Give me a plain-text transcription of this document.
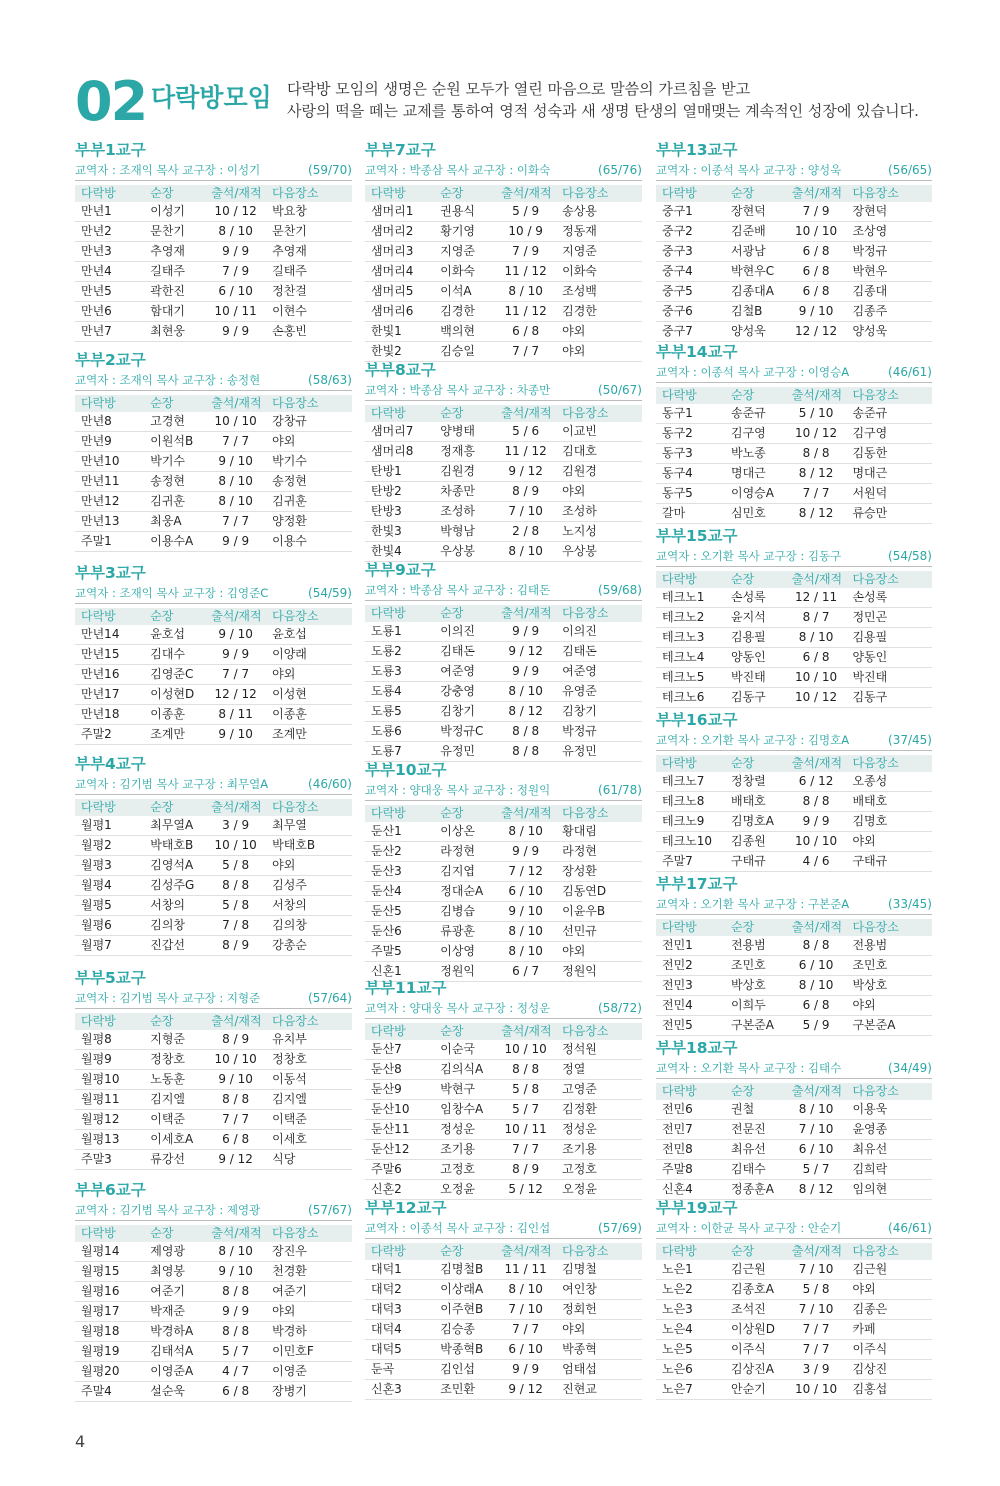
02 다락방모임 다락방 모임의 생명은 순원 모두가 열린 마음으로 말씀의 가르침을 받고
사랑의 떡을 떼는 교제를 통하여 영적 성숙과 새 생명 탄생의 열매맺는 계속적인 성장에 있습니다.
부부1교구
교역자 : 조재익 목사 교구장 : 이성기	(59/70)
다락방	순장	출석/재적	다음장소
만년1	이성기	10 / 12	박요창
만년2	문찬기	8 / 10	문찬기
만년3	추영재	9 / 9	추영재
만년4	길태주	7 / 9	길태주
만년5	곽한진	6 / 10	정찬걸
만년6	함대기	10 / 11	이현수
만년7	최현웅	9 / 9	손홍빈
부부2교구
교역자 : 조재익 목사 교구장 : 송정현	(58/63)
다락방	순장	출석/재적	다음장소
만년8	고경현	10 / 10	강창규
만년9	이원석B	7 / 7	야외
만년10	박기수	9 / 10	박기수
만년11	송정현	8 / 10	송정현
만년12	김귀훈	8 / 10	김귀훈
만년13	최웅A	7 / 7	양정환
주말1	이용수A	9 / 9	이용수
부부3교구
교역자 : 조재익 목사 교구장 : 김영준C	(54/59)
다락방	순장	출석/재적	다음장소
만년14	윤호섭	9 / 10	윤호섭
만년15	김대수	9 / 9	이양래
만년16	김영준C	7 / 7	야외
만년17	이성현D	12 / 12	이성현
만년18	이종훈	8 / 11	이종훈
주말2	조계만	9 / 10	조계만
부부4교구
교역자 : 김기범 목사 교구장 : 최무열A	(46/60)
다락방	순장	출석/재적	다음장소
월평1	최무열A	3 / 9	최무열
월평2	박태호B	10 / 10	박태호B
월평3	김영석A	5 / 8	야외
월평4	김성주G	8 / 8	김성주
월평5	서창의	5 / 8	서창의
월평6	김의창	7 / 8	김의창
월평7	진갑선	8 / 9	강총순
부부5교구
교역자 : 김기범 목사 교구장 : 지형준	(57/64)
다락방	순장	출석/재적	다음장소
월평8	지형준	8 / 9	유치부
월평9	정창호	10 / 10	정창호
월평10	노동훈	9 / 10	이동석
월평11	김지엘	8 / 8	김지엘
월평12	이택준	7 / 7	이택준
월평13	이세호A	6 / 8	이세호
주말3	류강선	9 / 12	식당
부부6교구
교역자 : 김기범 목사 교구장 : 제영광	(57/67)
다락방	순장	출석/재적	다음장소
월평14	제영광	8 / 10	장진우
월평15	최영봉	9 / 10	천경환
월평16	여준기	8 / 8	여준기
월평17	박재준	9 / 9	야외
월평18	박경하A	8 / 8	박경하
월평19	김태석A	5 / 7	이민호F
월평20	이영준A	4 / 7	이영준
주말4	설순욱	6 / 8	장병기
부부7교구
교역자 : 박종삼 목사 교구장 : 이화숙	(65/76)
다락방	순장	출석/재적	다음장소
샘머리1	권용식	5 / 9	송상용
샘머리2	황기영	10 / 9	정동재
샘머리3	지영준	7 / 9	지영준
샘머리4	이화숙	11 / 12	이화숙
샘머리5	이석A	8 / 10	조성백
샘머리6	김경한	11 / 12	김경한
한빛1	백의현	6 / 8	야외
한빛2	김승일	7 / 7	야외
부부8교구
교역자 : 박종삼 목사 교구장 : 차종만	(50/67)
다락방	순장	출석/재적	다음장소
샘머리7	양병태	5 / 6	이교빈
샘머리8	정재흥	11 / 12	김대호
탄방1	김원경	9 / 12	김원경
탄방2	차종만	8 / 9	야외
탄방3	조성하	7 / 10	조성하
한빛3	박형남	2 / 8	노지성
한빛4	우상봉	8 / 10	우상봉
부부9교구
교역자 : 박종삼 목사 교구장 : 김태돈	(59/68)
다락방	순장	출석/재적	다음장소
도룡1	이의진	9 / 9	이의진
도룡2	김태돈	9 / 12	김태돈
도룡3	여준영	9 / 9	여준영
도룡4	강충영	8 / 10	유영준
도룡5	김창기	8 / 12	김창기
도룡6	박정규C	8 / 8	박정규
도룡7	유정민	8 / 8	유정민
부부10교구
교역자 : 양대웅 목사 교구장 : 정원익	(61/78)
다락방	순장	출석/재적	다음장소
둔산1	이상온	8 / 10	황대림
둔산2	라정현	9 / 9	라정현
둔산3	김지엽	7 / 12	장성환
둔산4	정대순A	6 / 10	김동연D
둔산5	김병습	9 / 10	이윤우B
둔산6	류광훈	8 / 10	선민규
주말5	이상영	8 / 10	야외
신혼1	정원익	6 / 7	정원익
부부11교구
교역자 : 양대웅 목사 교구장 : 정성운	(58/72)
다락방	순장	출석/재적	다음장소
둔산7	이순국	10 / 10	정석원
둔산8	김의식A	8 / 8	정열
둔산9	박현구	5 / 8	고영준
둔산10	임창수A	5 / 7	김정환
둔산11	정성운	10 / 11	정성운
둔산12	조기용	7 / 7	조기용
주말6	고정호	8 / 9	고정호
신혼2	오정윤	5 / 12	오정윤
부부12교구
교역자 : 이종석 목사 교구장 : 김인섭	(57/69)
다락방	순장	출석/재적	다음장소
대덕1	김명철B	11 / 11	김명철
대덕2	이상래A	8 / 10	여인창
대덕3	이주현B	7 / 10	정회헌
대덕4	김승종	7 / 7	야외
대덕5	박종혁B	6 / 10	박종혁
둔곡	김인섭	9 / 9	엄태섭
신혼3	조민환	9 / 12	진현교
부부13교구
교역자 : 이종석 목사 교구장 : 양성욱	(56/65)
다락방	순장	출석/재적	다음장소
중구1	장현덕	7 / 9	장현덕
중구2	김준배	10 / 10	조상영
중구3	서광남	6 / 8	박정규
중구4	박현우C	6 / 8	박현우
중구5	김종대A	6 / 8	김종대
중구6	김철B	9 / 10	김종주
중구7	양성욱	12 / 12	양성욱
부부14교구
교역자 : 이종석 목사 교구장 : 이영승A	(46/61)
다락방	순장	출석/재적	다음장소
동구1	송준규	5 / 10	송준규
동구2	김구영	10 / 12	김구영
동구3	박노종	8 / 8	김동한
동구4	명대근	8 / 12	명대근
동구5	이영승A	7 / 7	서원덕
갈마	심민호	8 / 12	류승만
부부15교구
교역자 : 오기환 목사 교구장 : 김동구	(54/58)
다락방	순장	출석/재적	다음장소
테크노1	손성록	12 / 11	손성록
테크노2	윤지석	8 / 7	정민곤
테크노3	김용필	8 / 10	김용필
테크노4	양동인	6 / 8	양동인
테크노5	박진태	10 / 10	박진태
테크노6	김동구	10 / 12	김동구
부부16교구
교역자 : 오기환 목사 교구장 : 김명호A	(37/45)
다락방	순장	출석/재적	다음장소
테크노7	정창렬	6 / 12	오종성
테크노8	배태호	8 / 8	배태호
테크노9	김명호A	9 / 9	김명호
테크노10	김종원	10 / 10	야외
주말7	구태규	4 / 6	구태규
부부17교구
교역자 : 오기환 목사 교구장 : 구본준A	(33/45)
다락방	순장	출석/재적	다음장소
전민1	전용범	8 / 8	전용범
전민2	조민호	6 / 10	조민호
전민3	박상호	8 / 10	박상호
전민4	이희두	6 / 8	야외
전민5	구본준A	5 / 9	구본준A
부부18교구
교역자 : 오기환 목사 교구장 : 김태수	(34/49)
다락방	순장	출석/재적	다음장소
전민6	권철	8 / 10	이용욱
전민7	전문진	7 / 10	윤영종
전민8	최유선	6 / 10	최유선
주말8	김태수	5 / 7	김희락
신혼4	정종훈A	8 / 12	임의현
부부19교구
교역자 : 이한균 목사 교구장 : 안순기	(46/61)
다락방	순장	출석/재적	다음장소
노은1	김근원	7 / 10	김근원
노은2	김종호A	5 / 8	야외
노은3	조석진	7 / 10	김종은
노은4	이상원D	7 / 7	카페
노은5	이주식	7 / 7	이주식
노은6	김상진A	3 / 9	김상진
노은7	안순기	10 / 10	김홍섭
4
